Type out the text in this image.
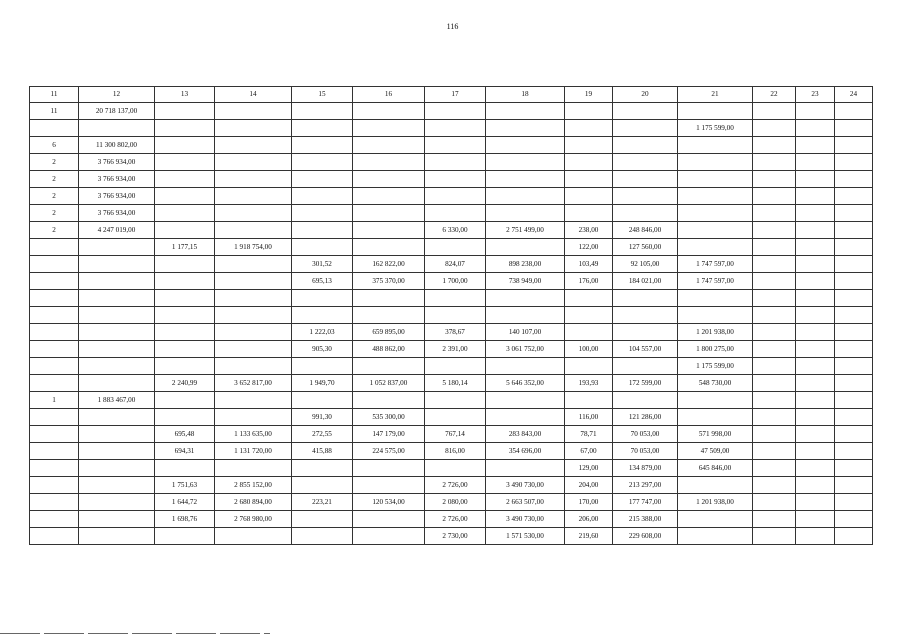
116
11	12	13	14	15	16	17	18	19	20	21	22	23	24
11	20 718 137,00												
										1 175 599,00			
6	11 300 802,00												
2	3 766 934,00												
2	3 766 934,00												
2	3 766 934,00												
2	3 766 934,00												
2	4 247 019,00					6 330,00	2 751 499,00	238,00	248 846,00				
		1 177,15	1 918 754,00					122,00	127 560,00				
				301,52	162 822,00	824,07	898 238,00	103,49	92 105,00	1 747 597,00			
				695,13	375 370,00	1 700,00	738 949,00	176,00	184 021,00	1 747 597,00			

				1 222,03	659 895,00	378,67	140 107,00			1 201 938,00			
				905,30	488 862,00	2 391,00	3 061 752,00	100,00	104 557,00	1 800 275,00			
										1 175 599,00			
		2 240,99	3 652 817,00	1 949,70	1 052 837,00	5 180,14	5 646 352,00	193,93	172 599,00	548 730,00			
1	1 883 467,00												
				991,30	535 300,00			116,00	121 286,00				
		695,48	1 133 635,00	272,55	147 179,00	767,14	283 843,00	78,71	70 053,00	571 998,00			
		694,31	1 131 720,00	415,88	224 575,00	816,00	354 696,00	67,00	70 053,00	47 509,00			
								129,00	134 879,00	645 846,00			
		1 751,63	2 855 152,00			2 726,00	3 490 730,00	204,00	213 297,00				
		1 644,72	2 680 894,00	223,21	120 534,00	2 080,00	2 663 507,00	170,00	177 747,00	1 201 938,00			
		1 698,76	2 768 980,00			2 726,00	3 490 730,00	206,00	215 388,00				
						2 730,00	1 571 530,00	219,60	229 608,00				
